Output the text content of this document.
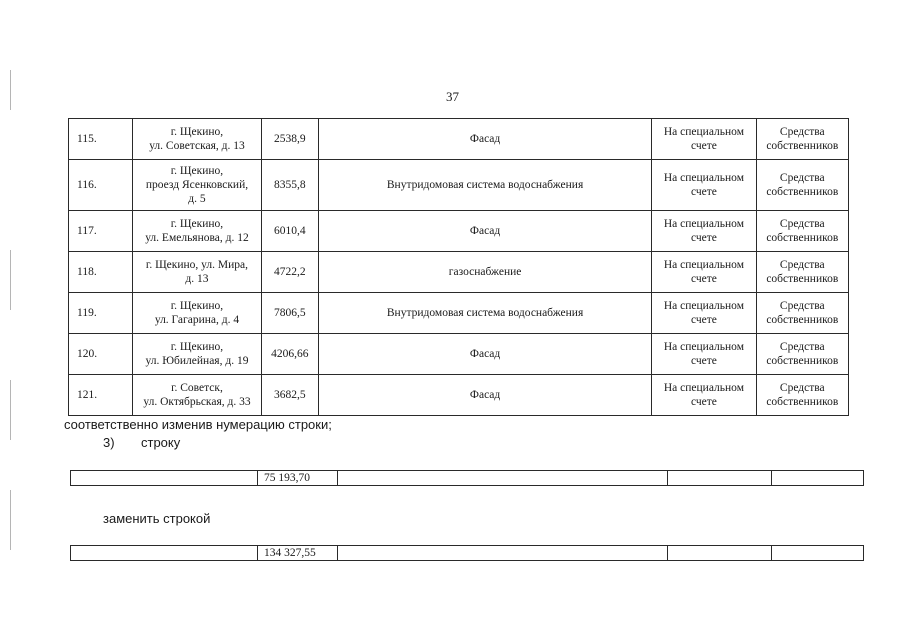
37
115.	г. Щекино,
ул. Советская, д. 13	2538,9	Фасад	На специальном
счете	Средства
собственников
116.	г. Щекино,
проезд Ясенковский,
д. 5	8355,8	Внутридомовая система водоснабжения	На специальном
счете	Средства
собственников
117.	г. Щекино,
ул. Емельянова, д. 12	6010,4	Фасад	На специальном
счете	Средства
собственников
118.	г. Щекино, ул. Мира,
д. 13	4722,2	газоснабжение	На специальном
счете	Средства
собственников
119.	г. Щекино,
ул. Гагарина, д. 4	7806,5	Внутридомовая система водоснабжения	На специальном
счете	Средства
собственников
120.	г. Щекино,
ул. Юбилейная, д. 19	4206,66	Фасад	На специальном
счете	Средства
собственников
121.	г. Советск,
ул. Октябрьская, д. 33	3682,5	Фасад	На специальном
счете	Средства
собственников
соответственно изменив нумерацию строки;
3) строку
	75 193,70			
заменить строкой
	134 327,55			
